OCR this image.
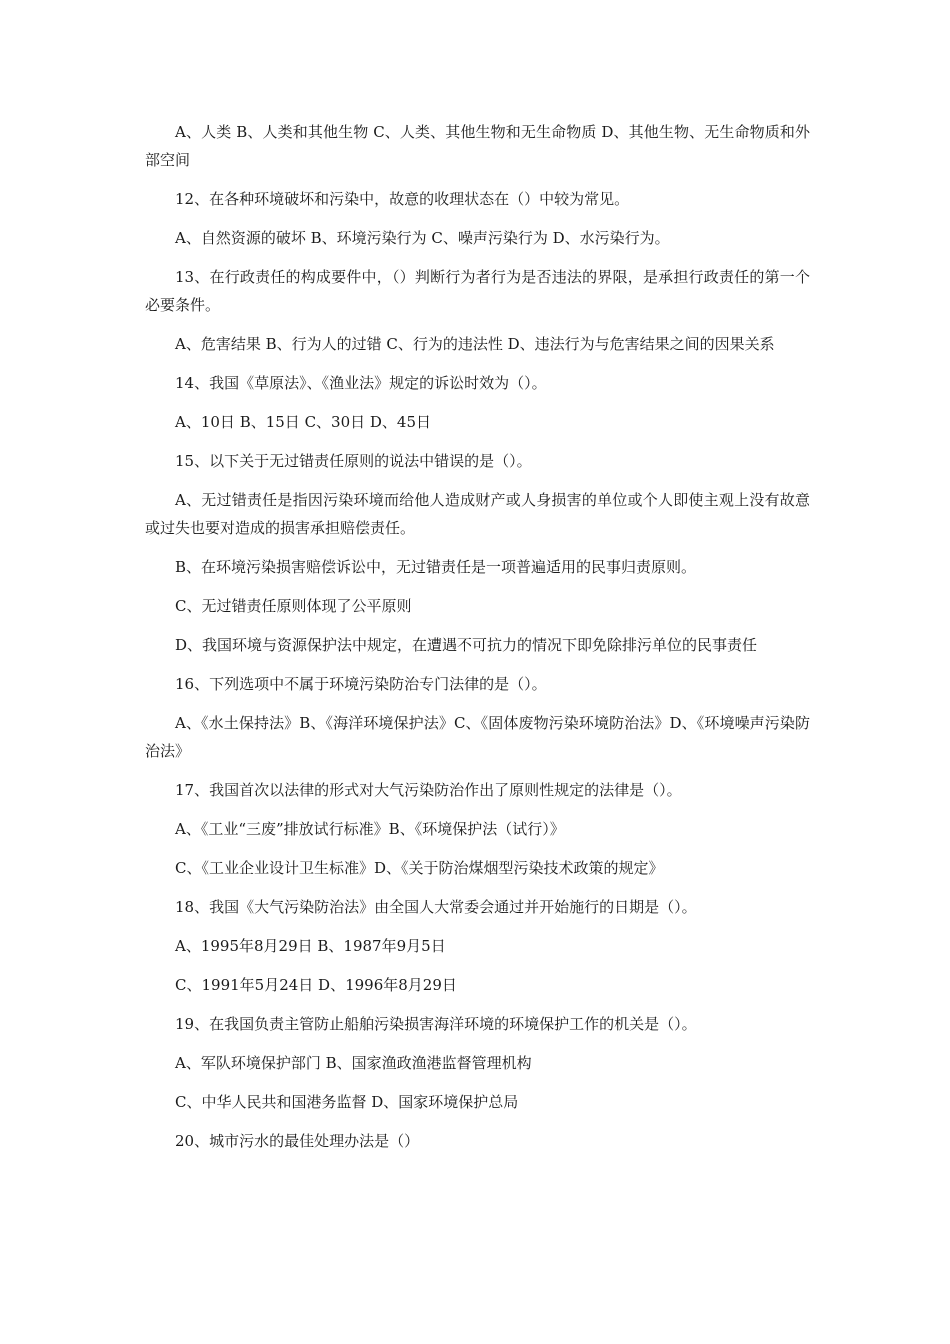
A、人类 B、人类和其他生物 C、人类、其他生物和无生命物质 D、其他生物、无生命物质和外部空间

12、在各种环境破坏和污染中，故意的收理状态在（）中较为常见。

A、自然资源的破坏 B、环境污染行为 C、噪声污染行为 D、水污染行为。

13、在行政责任的构成要件中，（）判断行为者行为是否违法的界限，是承担行政责任的第一个必要条件。

A、危害结果 B、行为人的过错 C、行为的违法性 D、违法行为与危害结果之间的因果关系

14、我国《草原法》、《渔业法》规定的诉讼时效为（）。

A、10日 B、15日 C、30日 D、45日

15、以下关于无过错责任原则的说法中错误的是（）。

A、无过错责任是指因污染环境而给他人造成财产或人身损害的单位或个人即使主观上没有故意或过失也要对造成的损害承担赔偿责任。

B、在环境污染损害赔偿诉讼中，无过错责任是一项普遍适用的民事归责原则。

C、无过错责任原则体现了公平原则

D、我国环境与资源保护法中规定，在遭遇不可抗力的情况下即免除排污单位的民事责任

16、下列选项中不属于环境污染防治专门法律的是（）。

A、《水土保持法》B、《海洋环境保护法》C、《固体废物污染环境防治法》D、《环境噪声污染防治法》

17、我国首次以法律的形式对大气污染防治作出了原则性规定的法律是（）。

A、《工业“三废”排放试行标准》B、《环境保护法（试行）》

C、《工业企业设计卫生标准》D、《关于防治煤烟型污染技术政策的规定》

18、我国《大气污染防治法》由全国人大常委会通过并开始施行的日期是（）。

A、1995年8月29日 B、1987年9月5日

C、1991年5月24日 D、1996年8月29日

19、在我国负责主管防止船舶污染损害海洋环境的环境保护工作的机关是（）。

A、军队环境保护部门 B、国家渔政渔港监督管理机构

C、中华人民共和国港务监督 D、国家环境保护总局

20、城市污水的最佳处理办法是（）
